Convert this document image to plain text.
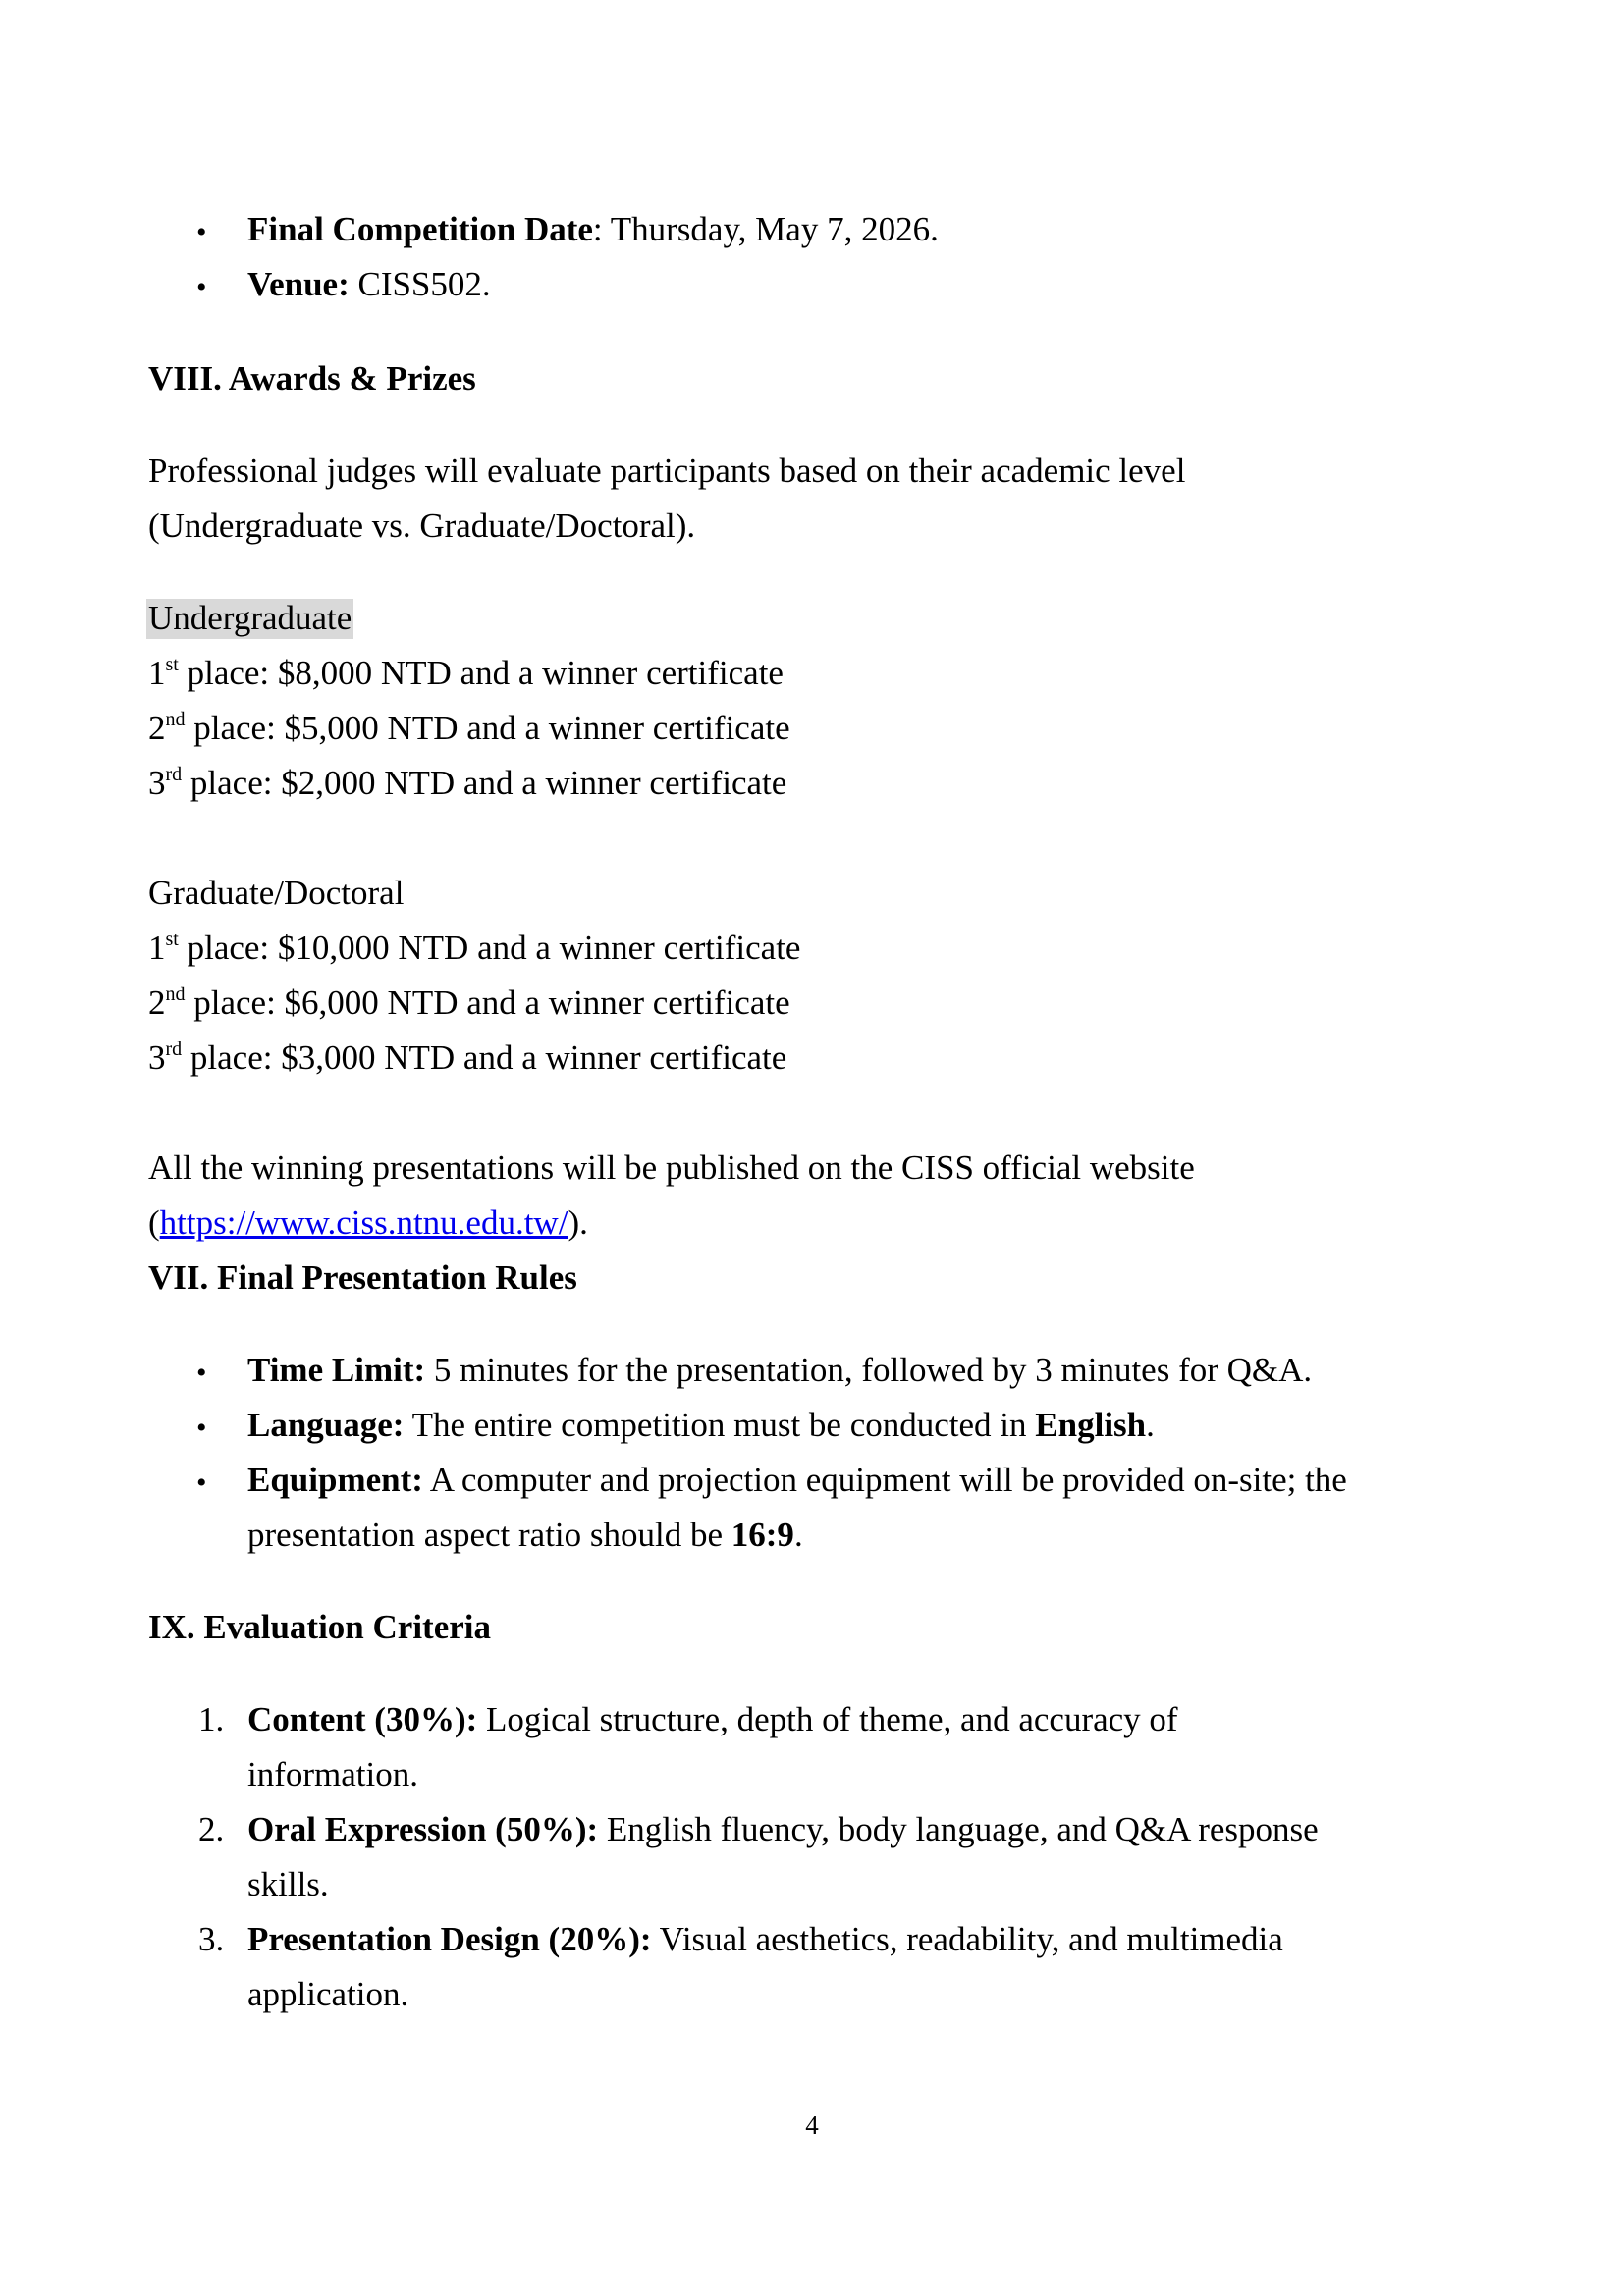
• Final Competition Date: Thursday, May 7, 2026.
• Venue: CISS502.
VIII. Awards & Prizes
Professional judges will evaluate participants based on their academic level
(Undergraduate vs. Graduate/Doctoral).
Undergraduate
1st place: $8,000 NTD and a winner certificate
2nd place: $5,000 NTD and a winner certificate
3rd place: $2,000 NTD and a winner certificate
Graduate/Doctoral
1st place: $10,000 NTD and a winner certificate
2nd place: $6,000 NTD and a winner certificate
3rd place: $3,000 NTD and a winner certificate
All the winning presentations will be published on the CISS official website
(https://www.ciss.ntnu.edu.tw/).
VII. Final Presentation Rules
• Time Limit: 5 minutes for the presentation, followed by 3 minutes for Q&A.
• Language: The entire competition must be conducted in English.
• Equipment: A computer and projection equipment will be provided on-site; the
presentation aspect ratio should be 16:9.
IX. Evaluation Criteria
1. Content (30%): Logical structure, depth of theme, and accuracy of
information.
2. Oral Expression (50%): English fluency, body language, and Q&A response
skills.
3. Presentation Design (20%): Visual aesthetics, readability, and multimedia
application.
4
